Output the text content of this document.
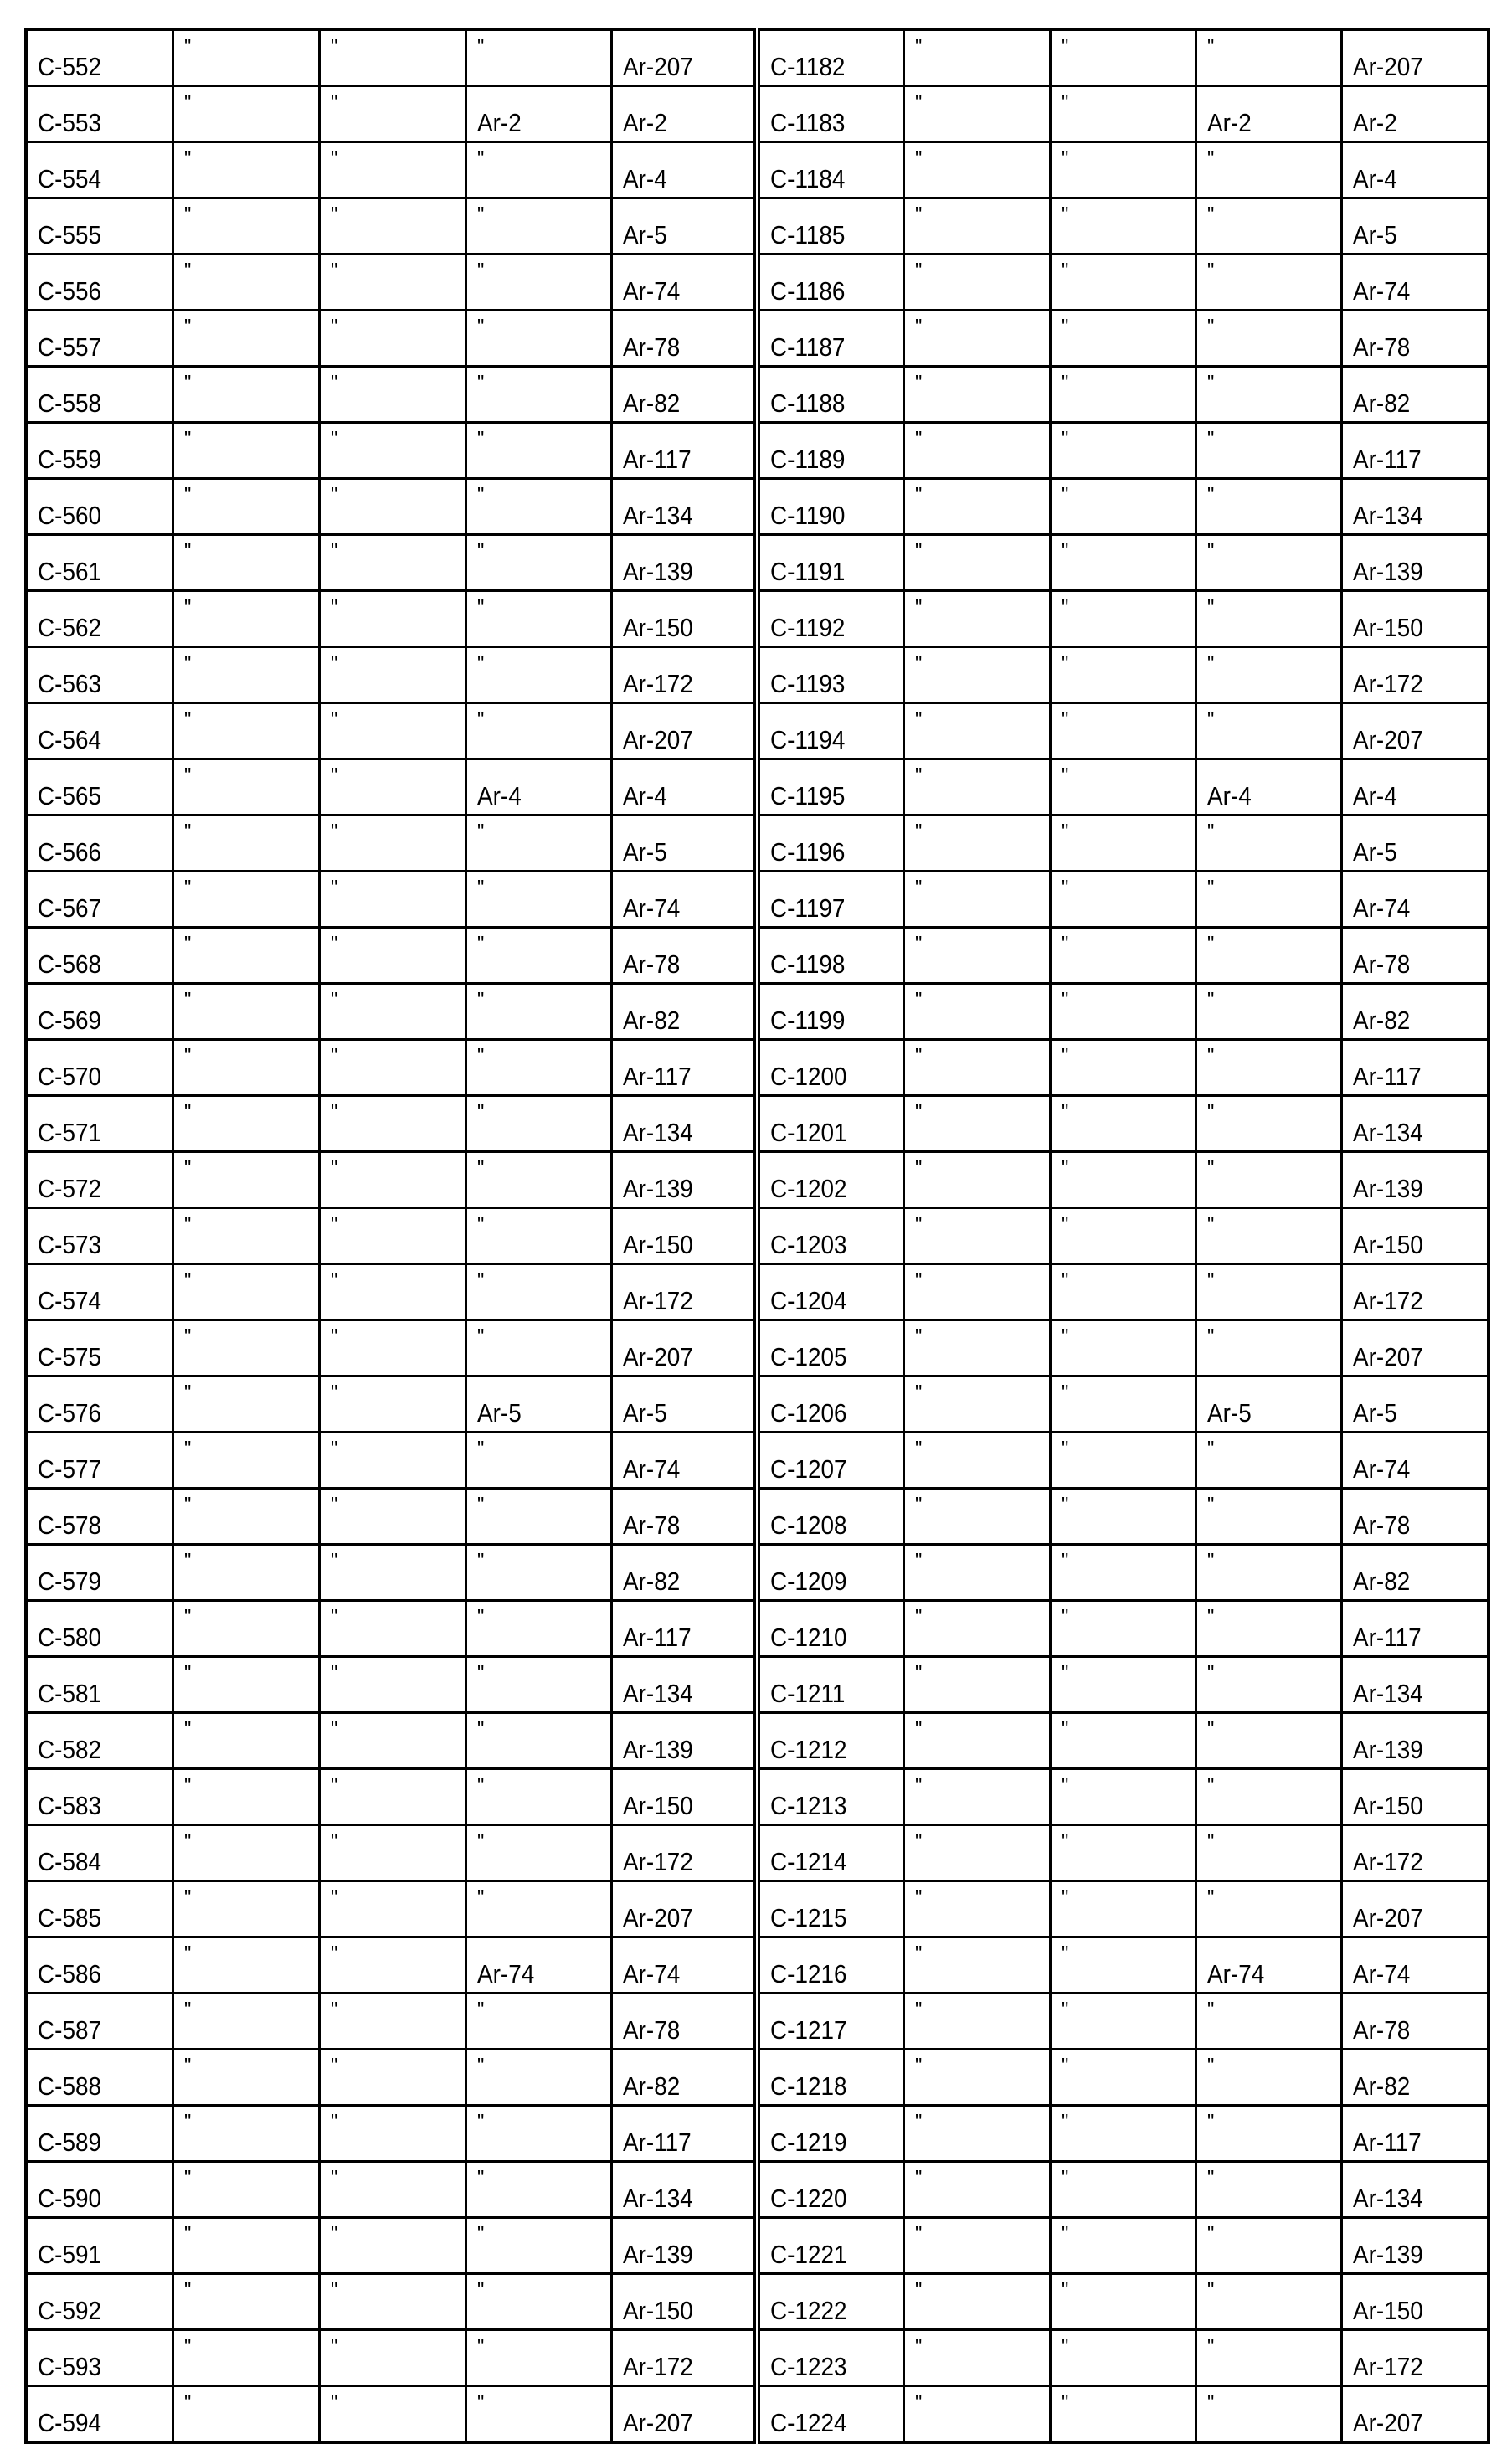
C-552	"	"	"	Ar-207	C-1182	"	"	"	Ar-207
C-553	"	"	Ar-2	Ar-2	C-1183	"	"	Ar-2	Ar-2
C-554	"	"	"	Ar-4	C-1184	"	"	"	Ar-4
C-555	"	"	"	Ar-5	C-1185	"	"	"	Ar-5
C-556	"	"	"	Ar-74	C-1186	"	"	"	Ar-74
C-557	"	"	"	Ar-78	C-1187	"	"	"	Ar-78
C-558	"	"	"	Ar-82	C-1188	"	"	"	Ar-82
C-559	"	"	"	Ar-117	C-1189	"	"	"	Ar-117
C-560	"	"	"	Ar-134	C-1190	"	"	"	Ar-134
C-561	"	"	"	Ar-139	C-1191	"	"	"	Ar-139
C-562	"	"	"	Ar-150	C-1192	"	"	"	Ar-150
C-563	"	"	"	Ar-172	C-1193	"	"	"	Ar-172
C-564	"	"	"	Ar-207	C-1194	"	"	"	Ar-207
C-565	"	"	Ar-4	Ar-4	C-1195	"	"	Ar-4	Ar-4
C-566	"	"	"	Ar-5	C-1196	"	"	"	Ar-5
C-567	"	"	"	Ar-74	C-1197	"	"	"	Ar-74
C-568	"	"	"	Ar-78	C-1198	"	"	"	Ar-78
C-569	"	"	"	Ar-82	C-1199	"	"	"	Ar-82
C-570	"	"	"	Ar-117	C-1200	"	"	"	Ar-117
C-571	"	"	"	Ar-134	C-1201	"	"	"	Ar-134
C-572	"	"	"	Ar-139	C-1202	"	"	"	Ar-139
C-573	"	"	"	Ar-150	C-1203	"	"	"	Ar-150
C-574	"	"	"	Ar-172	C-1204	"	"	"	Ar-172
C-575	"	"	"	Ar-207	C-1205	"	"	"	Ar-207
C-576	"	"	Ar-5	Ar-5	C-1206	"	"	Ar-5	Ar-5
C-577	"	"	"	Ar-74	C-1207	"	"	"	Ar-74
C-578	"	"	"	Ar-78	C-1208	"	"	"	Ar-78
C-579	"	"	"	Ar-82	C-1209	"	"	"	Ar-82
C-580	"	"	"	Ar-117	C-1210	"	"	"	Ar-117
C-581	"	"	"	Ar-134	C-1211	"	"	"	Ar-134
C-582	"	"	"	Ar-139	C-1212	"	"	"	Ar-139
C-583	"	"	"	Ar-150	C-1213	"	"	"	Ar-150
C-584	"	"	"	Ar-172	C-1214	"	"	"	Ar-172
C-585	"	"	"	Ar-207	C-1215	"	"	"	Ar-207
C-586	"	"	Ar-74	Ar-74	C-1216	"	"	Ar-74	Ar-74
C-587	"	"	"	Ar-78	C-1217	"	"	"	Ar-78
C-588	"	"	"	Ar-82	C-1218	"	"	"	Ar-82
C-589	"	"	"	Ar-117	C-1219	"	"	"	Ar-117
C-590	"	"	"	Ar-134	C-1220	"	"	"	Ar-134
C-591	"	"	"	Ar-139	C-1221	"	"	"	Ar-139
C-592	"	"	"	Ar-150	C-1222	"	"	"	Ar-150
C-593	"	"	"	Ar-172	C-1223	"	"	"	Ar-172
C-594	"	"	"	Ar-207	C-1224	"	"	"	Ar-207
